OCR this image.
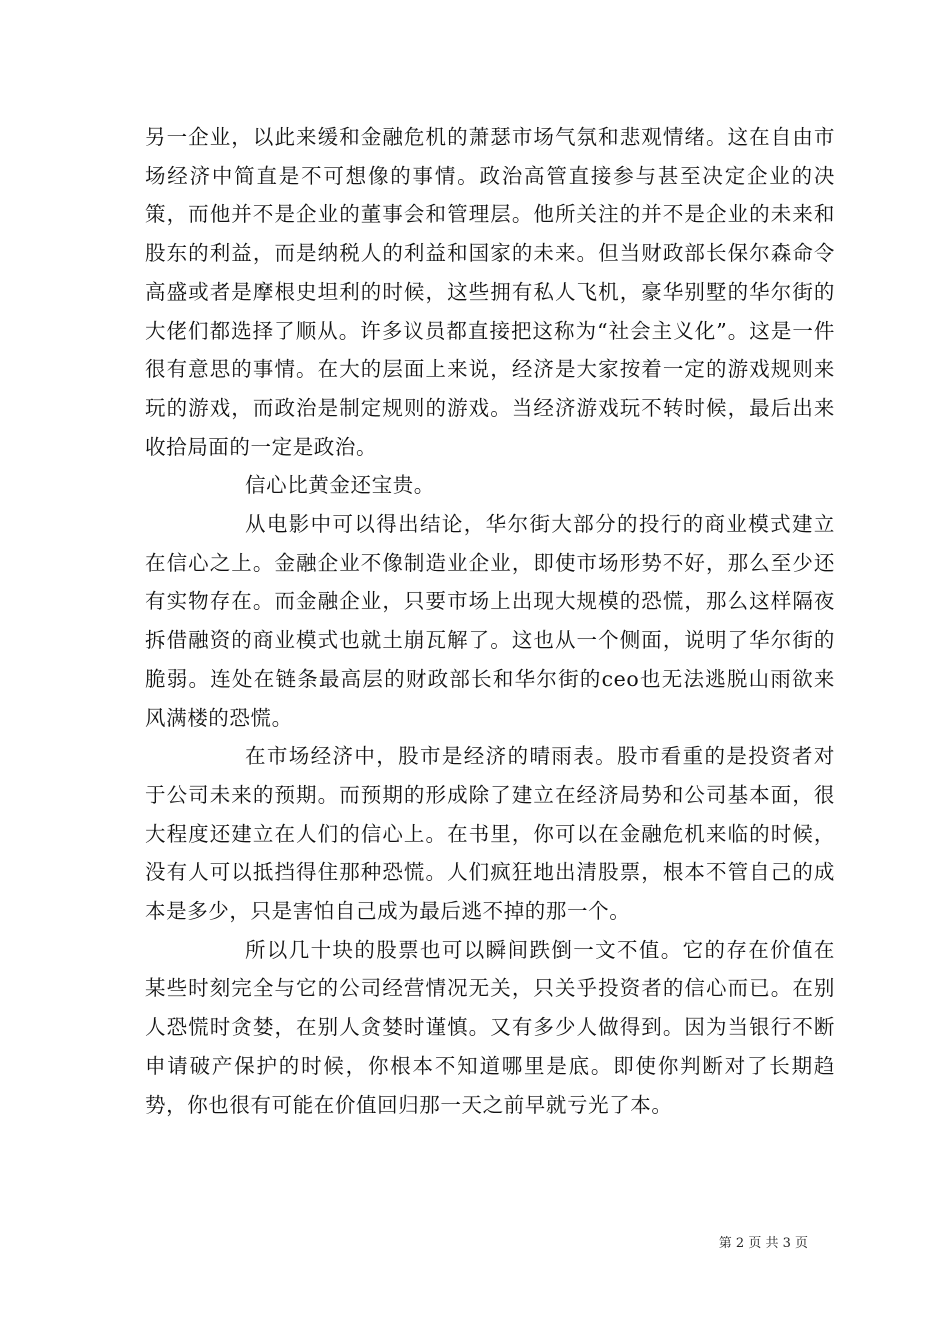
另一企业，以此来缓和金融危机的萧瑟市场气氛和悲观情绪。这在自由市场经济中简直是不可想像的事情。政治高管直接参与甚至决定企业的决策，而他并不是企业的董事会和管理层。他所关注的并不是企业的未来和股东的利益，而是纳税人的利益和国家的未来。但当财政部长保尔森命令高盛或者是摩根史坦利的时候，这些拥有私人飞机，豪华别墅的华尔街的大佬们都选择了顺从。许多议员都直接把这称为“社会主义化”。这是一件很有意思的事情。在大的层面上来说，经济是大家按着一定的游戏规则来玩的游戏，而政治是制定规则的游戏。当经济游戏玩不转时候，最后出来收拾局面的一定是政治。

信心比黄金还宝贵。

从电影中可以得出结论，华尔街大部分的投行的商业模式建立在信心之上。金融企业不像制造业企业，即使市场形势不好，那么至少还有实物存在。而金融企业，只要市场上出现大规模的恐慌，那么这样隔夜拆借融资的商业模式也就土崩瓦解了。这也从一个侧面，说明了华尔街的脆弱。连处在链条最高层的财政部长和华尔街的ceo也无法逃脱山雨欲来风满楼的恐慌。

在市场经济中，股市是经济的晴雨表。股市看重的是投资者对于公司未来的预期。而预期的形成除了建立在经济局势和公司基本面，很大程度还建立在人们的信心上。在书里，你可以在金融危机来临的时候，没有人可以抵挡得住那种恐慌。人们疯狂地出清股票，根本不管自己的成本是多少，只是害怕自己成为最后逃不掉的那一个。

所以几十块的股票也可以瞬间跌倒一文不值。它的存在价值在某些时刻完全与它的公司经营情况无关，只关乎投资者的信心而已。在别人恐慌时贪婪，在别人贪婪时谨慎。又有多少人做得到。因为当银行不断申请破产保护的时候，你根本不知道哪里是底。即使你判断对了长期趋势，你也很有可能在价值回归那一天之前早就亏光了本。

第 2 页 共 3 页
